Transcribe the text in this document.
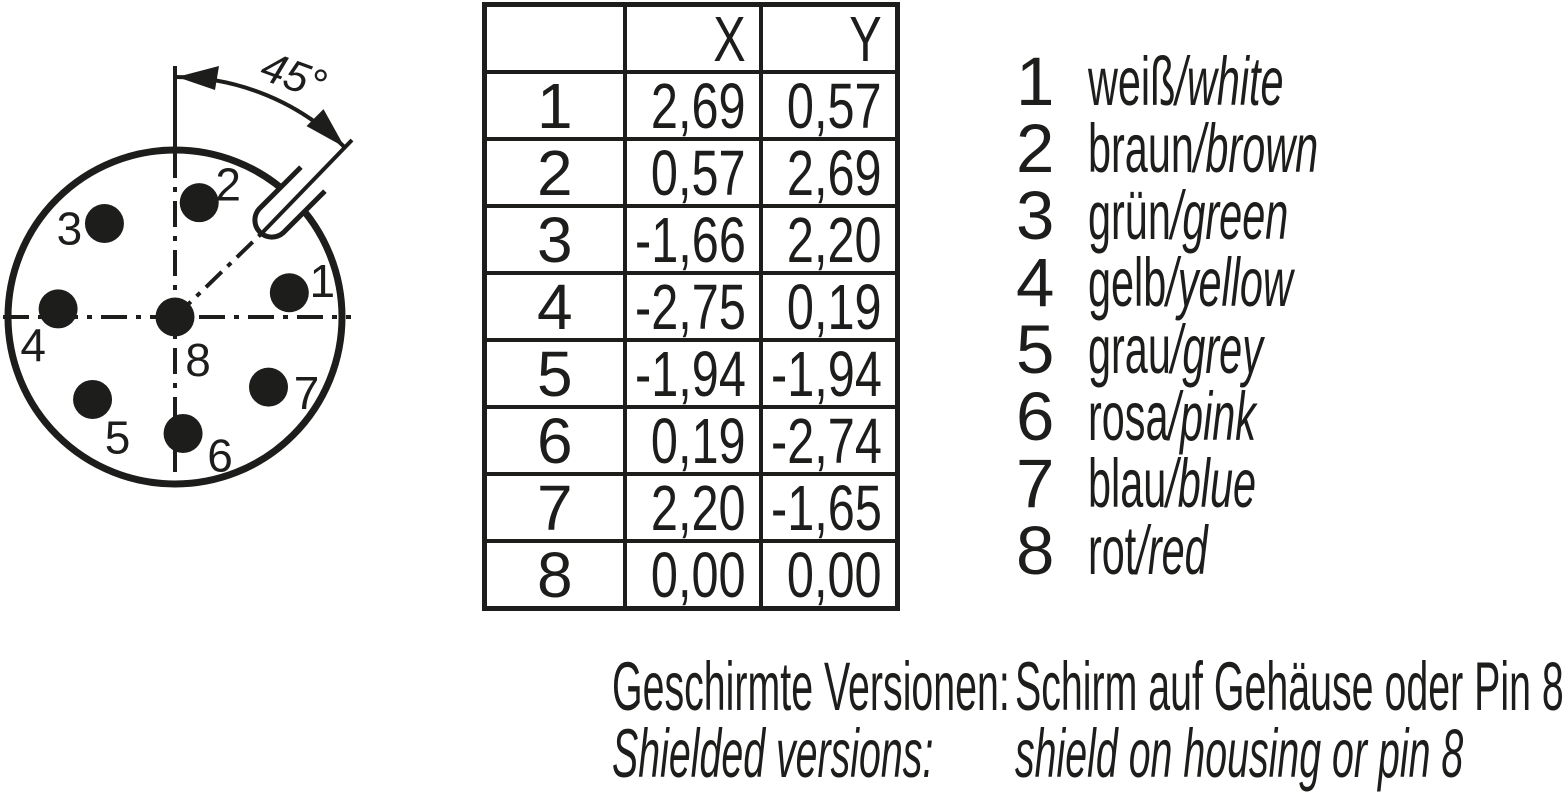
45°
1
2
3
4
5 6
7
8

	X	Y

1	2,69	0,57

2	0,57	2,69

3	-1,66	2,20

4	-2,75	0,19

5	-1,94	-1,94

6	0,19	-2,74

7	2,20	-1,65

8	0,00	0,00
1 weiß/white
2 braun/brown
3 grün/green
4 gelb/yellow
5 grau/grey
6 rosa/pink
7 blau/blue
8 rot/red
Geschirmte Versionen: Schirm auf Gehäuse oder Pin 8
Shielded versions:	shield on housing or pin 8
